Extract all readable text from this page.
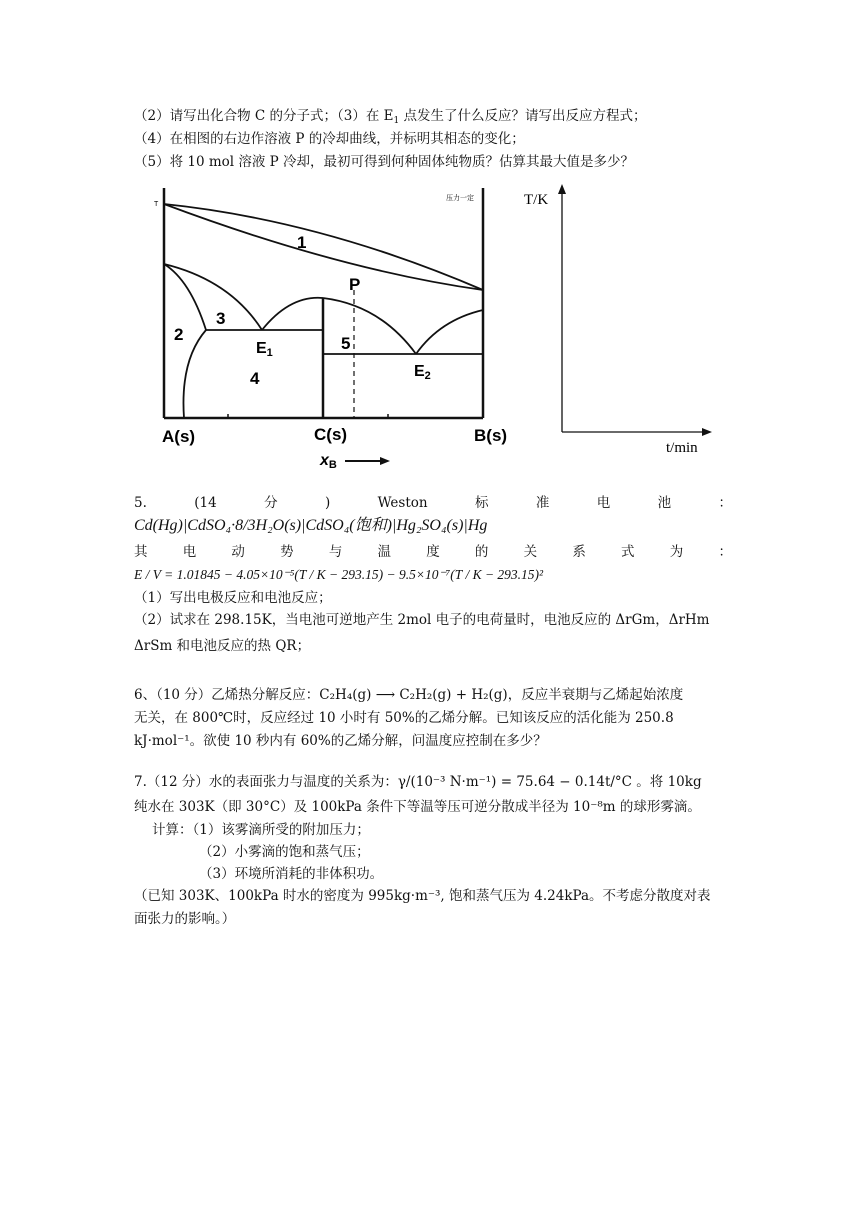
（2）请写出化合物 C 的分子式；（3）在 $E_1$ 点发生了什么反应？请写出反应方程式；
（4）在相图的右边作溶液 P 的冷却曲线，并标明其相态的变化；
（5）将 10 mol 溶液 P 冷却，最初可得到何种固体纯物质？估算其最大值是多少？
T
压力一定
1
2
3
4
5
P
E1
E2
A(s)	C(s)	B(s)
xB
T/K
t/min
5.	(14	分	)	Weston	标	准	电	池	：
Cd(Hg)|CdSO₄·8/3H₂O(s)|CdSO₄(饱和)|Hg₂SO₄(s)|Hg
其	电	动	势	与	温	度	的	关	系	式	为	：
E / V = 1.01845 − 4.05×10⁻⁵(T / K − 293.15) − 9.5×10⁻⁷(T / K − 293.15)²
（1）写出电极反应和电池反应；
（2）试求在 298.15K，当电池可逆地产生 2mol 电子的电荷量时，电池反应的 ΔrGm，ΔrHm
ΔrSm 和电池反应的热 QR；
6、（10 分）乙烯热分解反应：C₂H₄(g) ⟶ C₂H₂(g) + H₂(g)，反应半衰期与乙烯起始浓度
无关，在 800℃时，反应经过 10 小时有 50%的乙烯分解。已知该反应的活化能为 250.8
kJ·mol⁻¹。欲使 10 秒内有 60%的乙烯分解，问温度应控制在多少？
7.（12 分）水的表面张力与温度的关系为：γ/(10⁻³ N·m⁻¹) = 75.64 − 0.14t/°C 。将 10kg
纯水在 303K（即 30°C）及 100kPa 条件下等温等压可逆分散成半径为 10⁻⁸m 的球形雾滴。
计算：（1）该雾滴所受的附加压力；
（2）小雾滴的饱和蒸气压；
（3）环境所消耗的非体积功。
（已知 303K、100kPa 时水的密度为 995kg·m⁻³, 饱和蒸气压为 4.24kPa。不考虑分散度对表
面张力的影响。）
